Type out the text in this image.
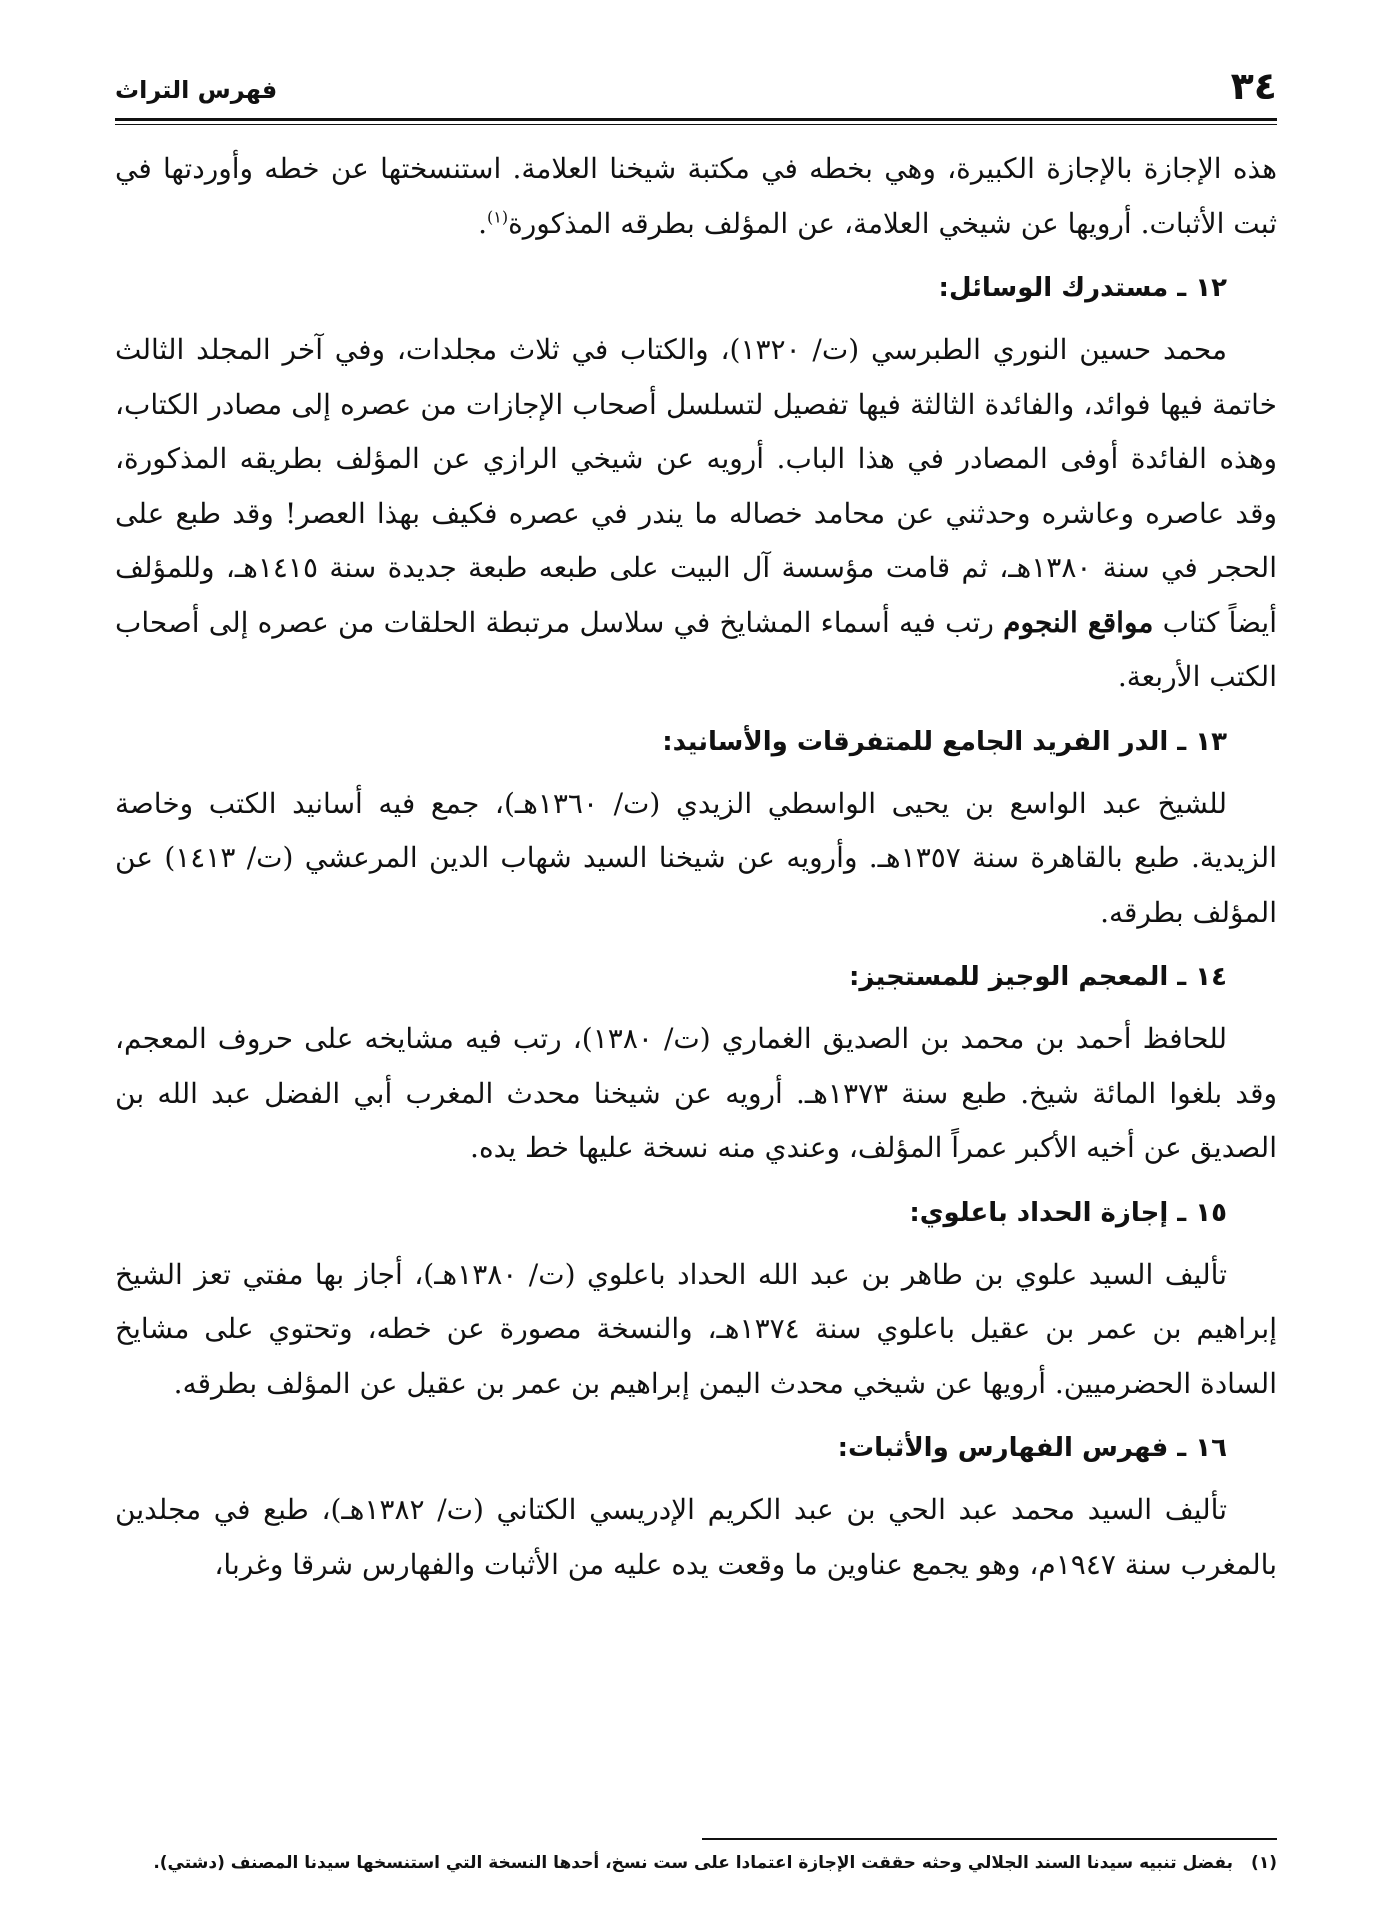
٣٤
فهرس التراث

هذه الإجازة بالإجازة الكبيرة، وهي بخطه في مكتبة شيخنا العلامة. استنسختها عن خطه وأوردتها في ثبت الأثبات. أرويها عن شيخي العلامة، عن المؤلف بطرقه المذكورة$^{(١)}$.

١٢ ـ مستدرك الوسائل:

محمد حسين النوري الطبرسي (ت/ ١٣٢٠)، والكتاب في ثلاث مجلدات، وفي آخر المجلد الثالث خاتمة فيها فوائد، والفائدة الثالثة فيها تفصيل لتسلسل أصحاب الإجازات من عصره إلى مصادر الكتاب، وهذه الفائدة أوفى المصادر في هذا الباب. أرويه عن شيخي الرازي عن المؤلف بطريقه المذكورة، وقد عاصره وعاشره وحدثني عن محامد خصاله ما يندر في عصره فكيف بهذا العصر! وقد طبع على الحجر في سنة ١٣٨٠هـ، ثم قامت مؤسسة آل البيت على طبعه طبعة جديدة سنة ١٤١٥هـ، وللمؤلف أيضاً كتاب مواقع النجوم رتب فيه أسماء المشايخ في سلاسل مرتبطة الحلقات من عصره إلى أصحاب الكتب الأربعة.

١٣ ـ الدر الفريد الجامع للمتفرقات والأسانيد:

للشيخ عبد الواسع بن يحيى الواسطي الزيدي (ت/ ١٣٦٠هـ)، جمع فيه أسانيد الكتب وخاصة الزيدية. طبع بالقاهرة سنة ١٣٥٧هـ. وأرويه عن شيخنا السيد شهاب الدين المرعشي (ت/ ١٤١٣) عن المؤلف بطرقه.

١٤ ـ المعجم الوجيز للمستجيز:

للحافظ أحمد بن محمد بن الصديق الغماري (ت/ ١٣٨٠)، رتب فيه مشايخه على حروف المعجم، وقد بلغوا المائة شيخ. طبع سنة ١٣٧٣هـ. أرويه عن شيخنا محدث المغرب أبي الفضل عبد الله بن الصديق عن أخيه الأكبر عمراً المؤلف، وعندي منه نسخة عليها خط يده.

١٥ ـ إجازة الحداد باعلوي:

تأليف السيد علوي بن طاهر بن عبد الله الحداد باعلوي (ت/ ١٣٨٠هـ)، أجاز بها مفتي تعز الشيخ إبراهيم بن عمر بن عقيل باعلوي سنة ١٣٧٤هـ، والنسخة مصورة عن خطه، وتحتوي على مشايخ السادة الحضرميين. أرويها عن شيخي محدث اليمن إبراهيم بن عمر بن عقيل عن المؤلف بطرقه.

١٦ ـ فهرس الفهارس والأثبات:

تأليف السيد محمد عبد الحي بن عبد الكريم الإدريسي الكتاني (ت/ ١٣٨٢هـ)، طبع في مجلدين بالمغرب سنة ١٩٤٧م، وهو يجمع عناوين ما وقعت يده عليه من الأثبات والفهارس شرقا وغربا،

(١)بفضل تنبيه سيدنا السند الجلالي وحثه حققت الإجازة اعتمادا على ست نسخ، أحدها النسخة التي استنسخها سيدنا المصنف (دشتي).
